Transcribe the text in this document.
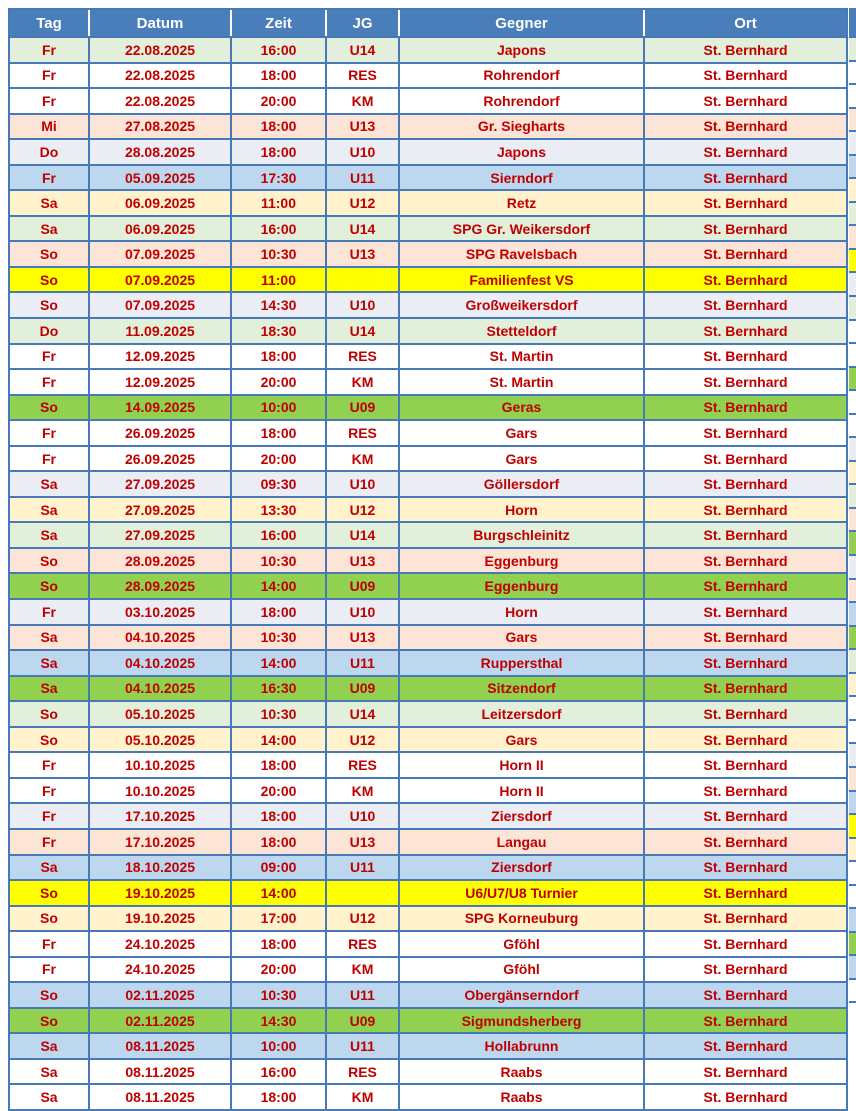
Tag	Datum	Zeit	JG	Gegner	Ort
Fr	22.08.2025	16:00	U14	Japons	St. Bernhard
Fr	22.08.2025	18:00	RES	Rohrendorf	St. Bernhard
Fr	22.08.2025	20:00	KM	Rohrendorf	St. Bernhard
Mi	27.08.2025	18:00	U13	Gr. Siegharts	St. Bernhard
Do	28.08.2025	18:00	U10	Japons	St. Bernhard
Fr	05.09.2025	17:30	U11	Sierndorf	St. Bernhard
Sa	06.09.2025	11:00	U12	Retz	St. Bernhard
Sa	06.09.2025	16:00	U14	SPG Gr. Weikersdorf	St. Bernhard
So	07.09.2025	10:30	U13	SPG Ravelsbach	St. Bernhard
So	07.09.2025	11:00		Familienfest VS	St. Bernhard
So	07.09.2025	14:30	U10	Großweikersdorf	St. Bernhard
Do	11.09.2025	18:30	U14	Stetteldorf	St. Bernhard
Fr	12.09.2025	18:00	RES	St. Martin	St. Bernhard
Fr	12.09.2025	20:00	KM	St. Martin	St. Bernhard
So	14.09.2025	10:00	U09	Geras	St. Bernhard
Fr	26.09.2025	18:00	RES	Gars	St. Bernhard
Fr	26.09.2025	20:00	KM	Gars	St. Bernhard
Sa	27.09.2025	09:30	U10	Göllersdorf	St. Bernhard
Sa	27.09.2025	13:30	U12	Horn	St. Bernhard
Sa	27.09.2025	16:00	U14	Burgschleinitz	St. Bernhard
So	28.09.2025	10:30	U13	Eggenburg	St. Bernhard
So	28.09.2025	14:00	U09	Eggenburg	St. Bernhard
Fr	03.10.2025	18:00	U10	Horn	St. Bernhard
Sa	04.10.2025	10:30	U13	Gars	St. Bernhard
Sa	04.10.2025	14:00	U11	Ruppersthal	St. Bernhard
Sa	04.10.2025	16:30	U09	Sitzendorf	St. Bernhard
So	05.10.2025	10:30	U14	Leitzersdorf	St. Bernhard
So	05.10.2025	14:00	U12	Gars	St. Bernhard
Fr	10.10.2025	18:00	RES	Horn II	St. Bernhard
Fr	10.10.2025	20:00	KM	Horn II	St. Bernhard
Fr	17.10.2025	18:00	U10	Ziersdorf	St. Bernhard
Fr	17.10.2025	18:00	U13	Langau	St. Bernhard
Sa	18.10.2025	09:00	U11	Ziersdorf	St. Bernhard
So	19.10.2025	14:00		U6/U7/U8 Turnier	St. Bernhard
So	19.10.2025	17:00	U12	SPG Korneuburg	St. Bernhard
Fr	24.10.2025	18:00	RES	Gföhl	St. Bernhard
Fr	24.10.2025	20:00	KM	Gföhl	St. Bernhard
So	02.11.2025	10:30	U11	Obergänserndorf	St. Bernhard
So	02.11.2025	14:30	U09	Sigmundsherberg	St. Bernhard
Sa	08.11.2025	10:00	U11	Hollabrunn	St. Bernhard
Sa	08.11.2025	16:00	RES	Raabs	St. Bernhard
Sa	08.11.2025	18:00	KM	Raabs	St. Bernhard
